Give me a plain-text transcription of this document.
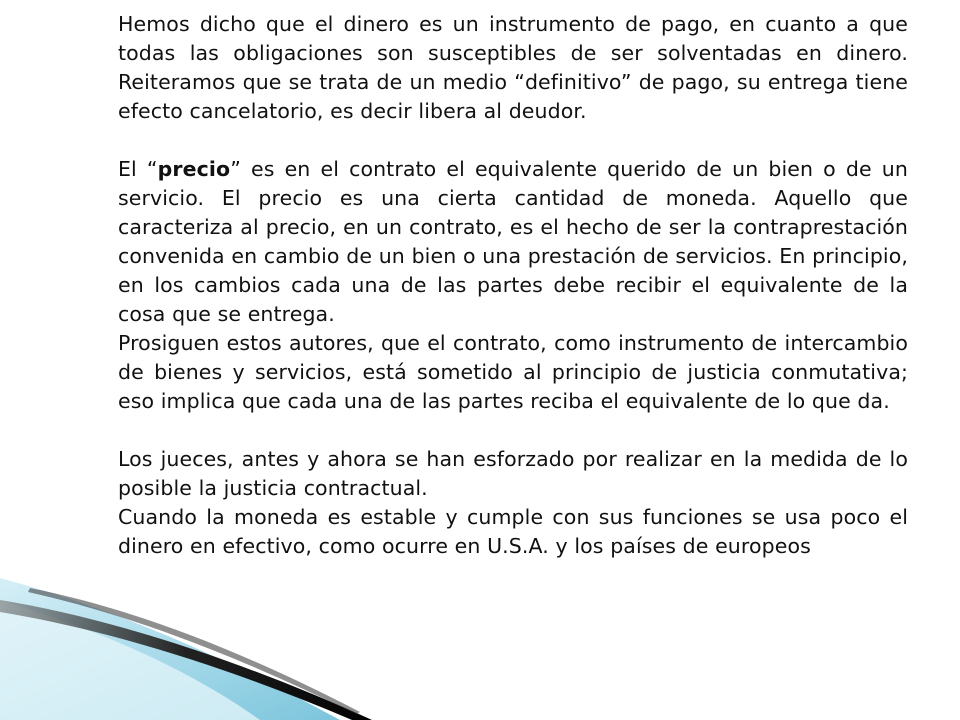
Hemos dicho que el dinero es un instrumento de pago, en cuanto a que todas las obligaciones son susceptibles de ser solventadas en dinero. Reiteramos que se trata de un medio “definitivo” de pago, su entrega tiene efecto cancelatorio, es decir libera al deudor.

El “precio” es en el contrato el equivalente querido de un bien o de un servicio. El precio es una cierta cantidad de moneda. Aquello que caracteriza al precio, en un contrato, es el hecho de ser la contraprestación convenida en cambio de un bien o una prestación de servicios. En principio, en los cambios cada una de las partes debe recibir el equivalente de la cosa que se entrega.

Prosiguen estos autores, que el contrato, como instrumento de intercambio de bienes y servicios, está sometido al principio de justicia conmutativa; eso implica que cada una de las partes reciba el equivalente de lo que da.

Los jueces, antes y ahora se han esforzado por realizar en la medida de lo posible la justicia contractual.

Cuando la moneda es estable y cumple con sus funciones se usa poco el dinero en efectivo, como ocurre en U.S.A. y los países de europeos
